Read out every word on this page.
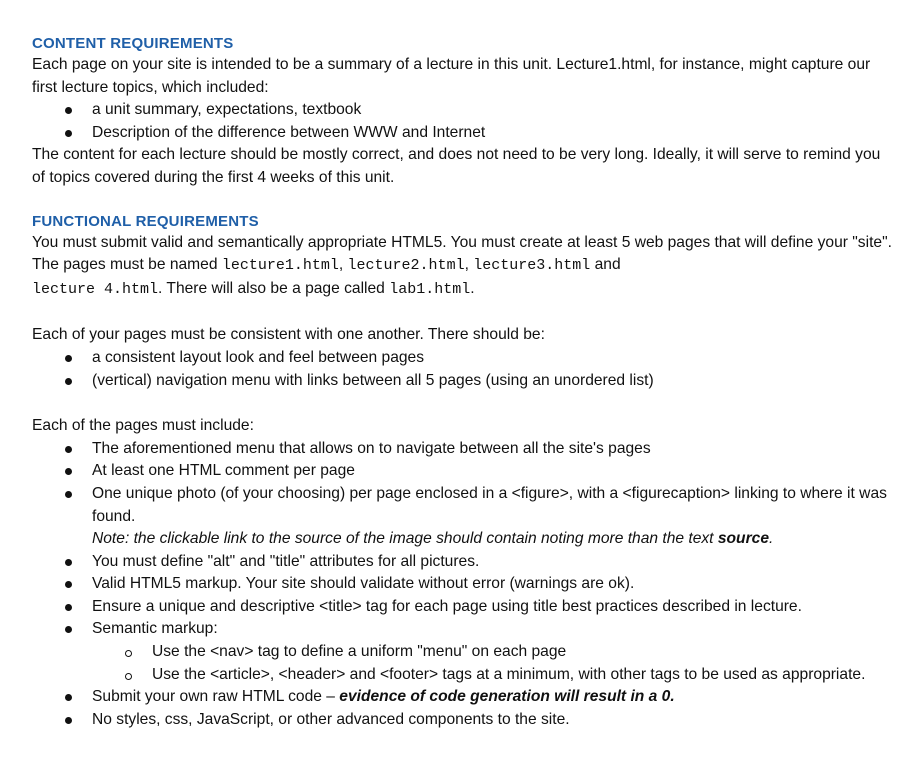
CONTENT REQUIREMENTS

Each page on your site is intended to be a summary of a lecture in this unit. Lecture1.html, for instance, might capture our first lecture topics, which included:

a unit summary, expectations, textbook
Description of the difference between WWW and Internet

The content for each lecture should be mostly correct, and does not need to be very long. Ideally, it will serve to remind you of topics covered during the first 4 weeks of this unit.

FUNCTIONAL REQUIREMENTS

You must submit valid and semantically appropriate HTML5. You must create at least 5 web pages that will define your "site". The pages must be named lecture1.html, lecture2.html, lecture3.html and
lecture 4.html. There will also be a page called lab1.html.

Each of your pages must be consistent with one another. There should be:

a consistent layout look and feel between pages
(vertical) navigation menu with links between all 5 pages (using an unordered list)

Each of the pages must include:

The aforementioned menu that allows on to navigate between all the site's pages
At least one HTML comment per page
One unique photo (of your choosing) per page enclosed in a <figure>, with a <figurecaption> linking to where it was found.
Note: the clickable link to the source of the image should contain noting more than the text source.
You must define "alt" and "title" attributes for all pictures.
Valid HTML5 markup. Your site should validate without error (warnings are ok).
Ensure a unique and descriptive <title> tag for each page using title best practices described in lecture.
Semantic markup:
Use the <nav> tag to define a uniform "menu" on each page
Use the <article>, <header> and <footer> tags at a minimum, with other tags to be used as appropriate.
Submit your own raw HTML code – evidence of code generation will result in a 0.
No styles, css, JavaScript, or other advanced components to the site.
